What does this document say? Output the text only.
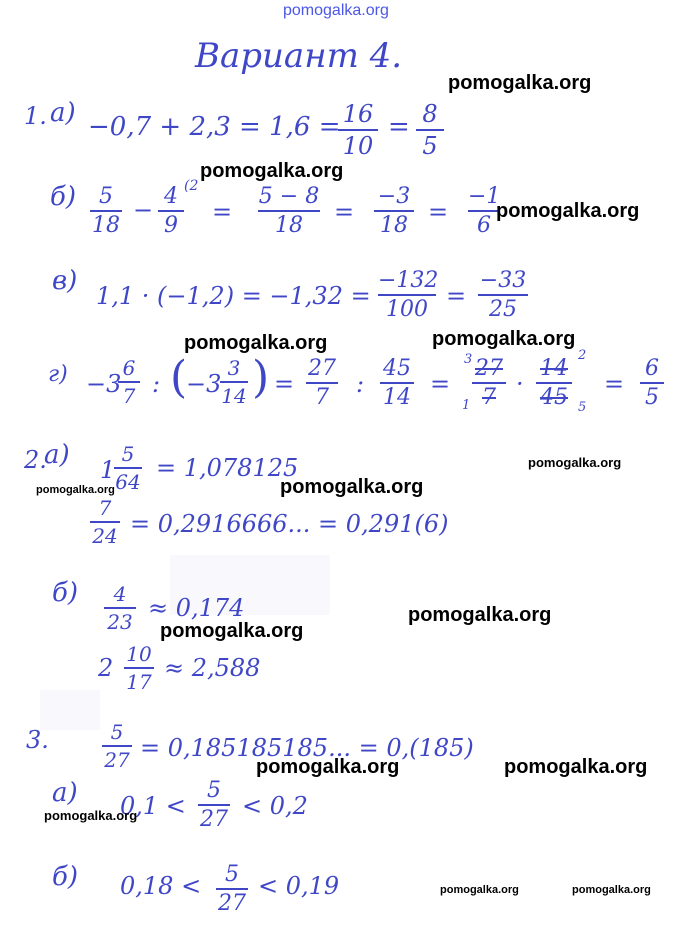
pomogalka.org
Вариант 4.
1. а) −0,7 + 2,3 = 1,6 = 16
10
= 8
5
б)	5
18
− 4
9
(2
=
5 − 8
18	=
−3
18 =
−1
6
в) 1,1 · (−1,2) = −1,32 =
−132
100 =
−33
25
г) −3
6
7 : (
−3
3
14 ) =
27
7	:
45
14 =
3
1
27
7 ·
14
45
2
5
=
6
5
2.
а) 1
5
64 = 1,078125
7
24 = 0,2916666... = 0,291(6)
б)	4
23 ≈ 0,174
2 10
17 ≈ 2,588
3.	5
27 = 0,185185185... = 0,(185)
а) 0,1 <
5
27 < 0,2
б) 0,18 <	5
27
< 0,19
pomogalka.org
pomogalka.org
pomogalka.org
pomogalka.org
pomogalka.org
pomogalka.org
pomogalka.org
pomogalka.org
pomogalka.org
pomogalka.org
pomogalka.org	pomogalka.org
pomogalka.org
pomogalka.org	pomogalka.org
